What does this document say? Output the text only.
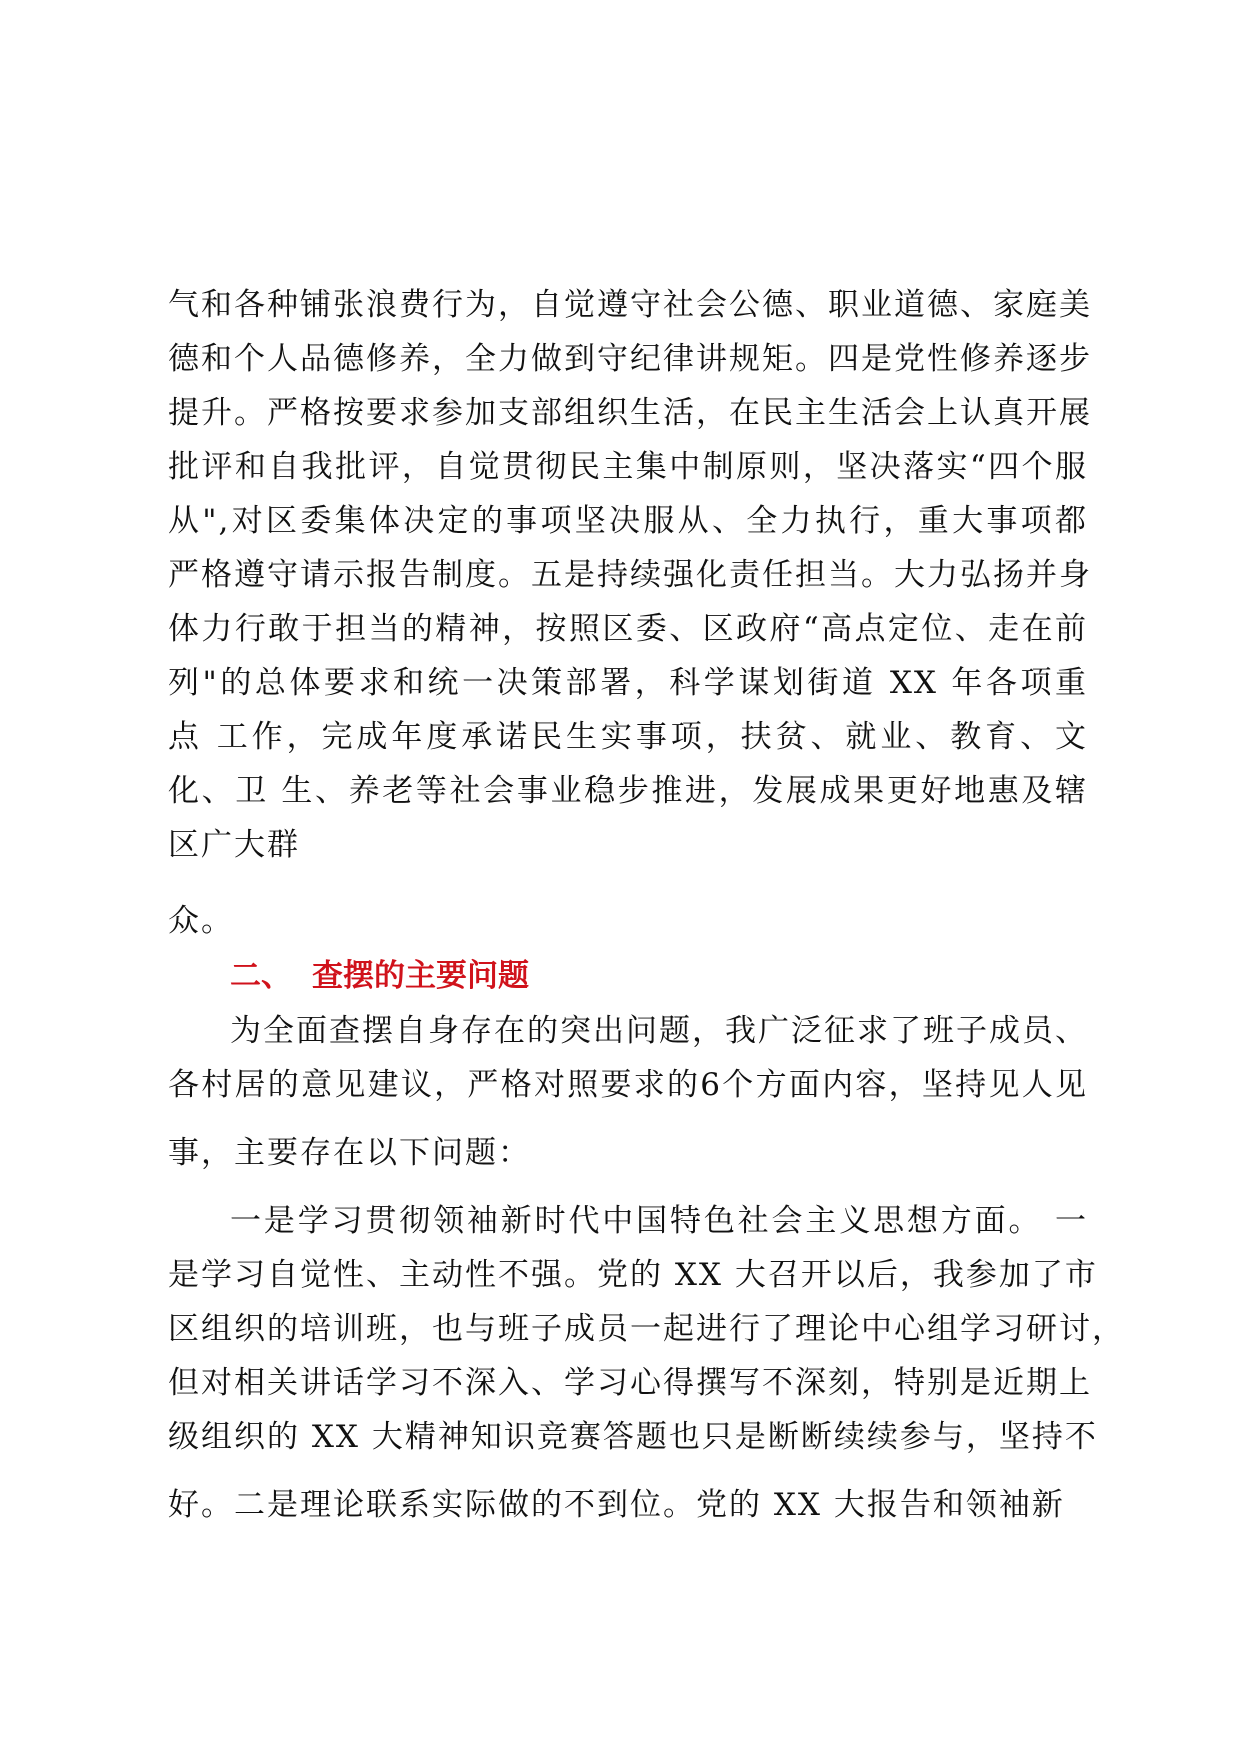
气和各种铺张浪费行为，自觉遵守社会公德、职业道德、家庭美
德和个人品德修养，全力做到守纪律讲规矩。四是党性修养逐步
提升。严格按要求参加支部组织生活，在民主生活会上认真开展
批评和自我批评，自觉贯彻民主集中制原则，坚决落实“四个服
从",对区委集体决定的事项坚决服从、全力执行，重大事项都
严格遵守请示报告制度。五是持续强化责任担当。大力弘扬并身
体力行敢于担当的精神，按照区委、区政府“高点定位、走在前
列"的总体要求和统一决策部署，科学谋划街道 XX 年各项重
点 工作，完成年度承诺民生实事项，扶贫、就业、教育、文
化、卫 生、养老等社会事业稳步推进，发展成果更好地惠及辖
区广大群
众。
二、 查摆的主要问题
为全面查摆自身存在的突出问题，我广泛征求了班子成员、
各村居的意见建议，严格对照要求的6个方面内容，坚持见人见
事，主要存在以下问题：
一是学习贯彻领袖新时代中国特色社会主义思想方面。 一
是学习自觉性、主动性不强。党的 XX 大召开以后，我参加了市
区组织的培训班，也与班子成员一起进行了理论中心组学习研讨，
但对相关讲话学习不深入、学习心得撰写不深刻，特别是近期上
级组织的 XX 大精神知识竞赛答题也只是断断续续参与，坚持不
好。二是理论联系实际做的不到位。党的 XX 大报告和领袖新
